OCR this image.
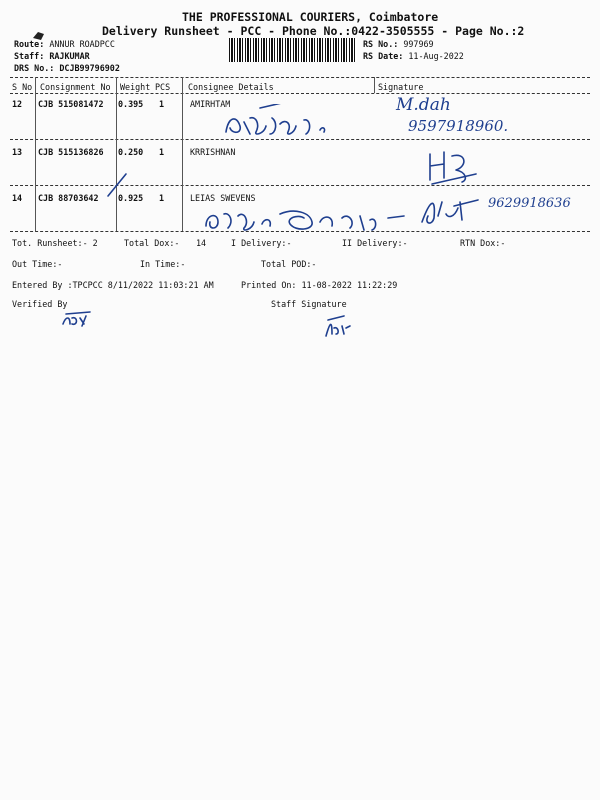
THE PROFESSIONAL COURIERS, Coimbatore
Delivery Runsheet - PCC - Phone No.:0422-3505555 - Page No.:2
Route: ANNUR ROADPCC
Staff: RAJKUMAR
DRS No.: DCJB99796902
RS No.: 997969
RS Date: 11-Aug-2022
S No Consignment No Weight PCS Consignee Details	Signature
12 CJB 515081472 0.395 1	AMIRHTAM	M.dah
9597918960.
13 CJB 515136826 0.250 1	KRRISHNAN
14 CJB 88703642 0.925 1	LEIAS SWEVENS	9629918636
Tot. Runsheet:- 2	Total Dox:- 14	I Delivery:-	II Delivery:-	RTN Dox:-
Out Time:-	In Time:-	Total POD:-
Entered By :TPCPCC 8/11/2022 11:03:21 AM	Printed On: 11-08-2022 11:22:29
Verified By	Staff Signature
